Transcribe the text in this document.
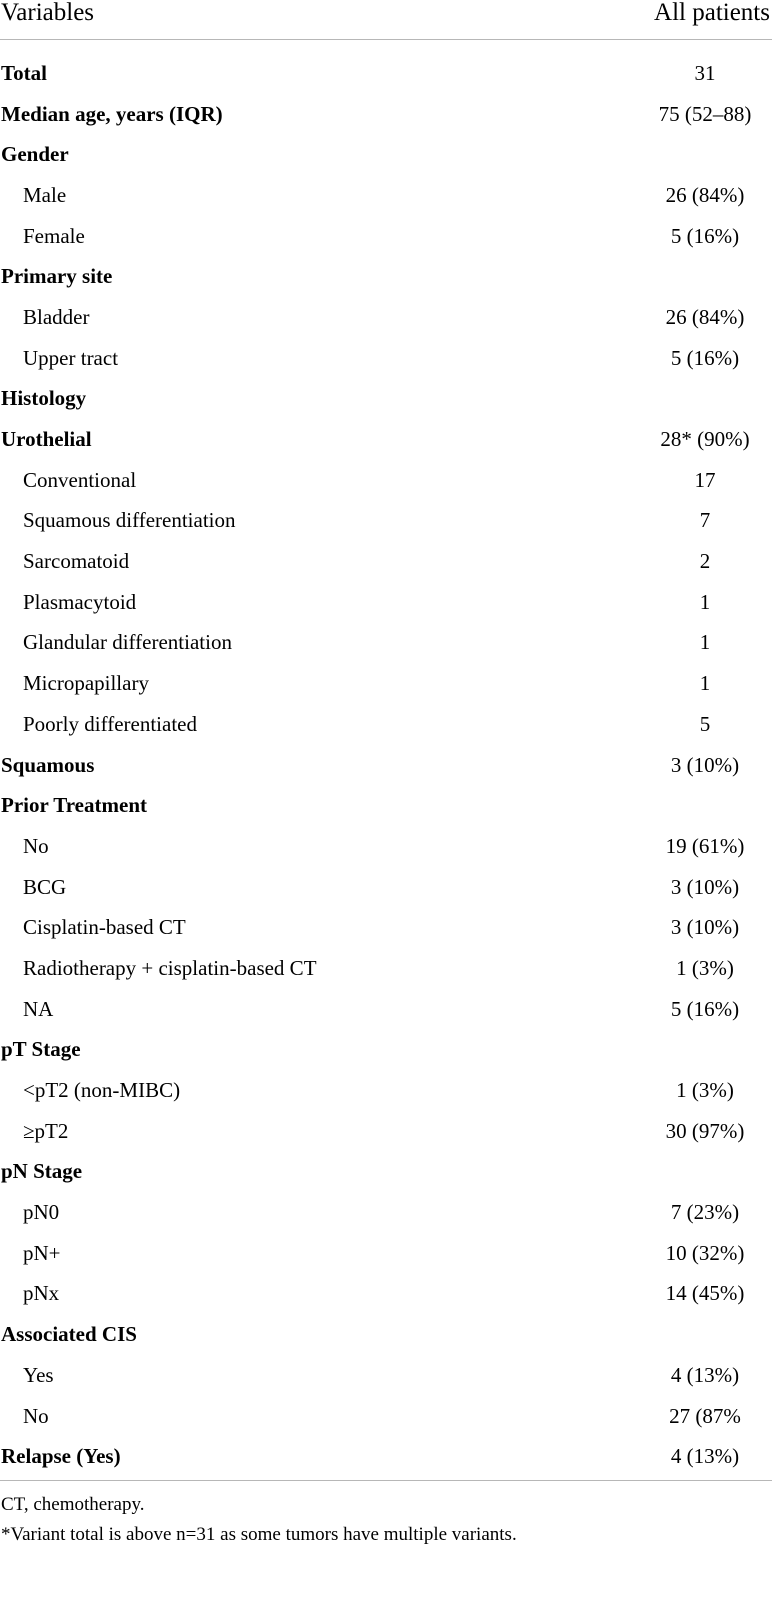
Variables	All patients
Total	31
Median age, years (IQR)	75 (52–88)
Gender
Male	26 (84%)
Female	5 (16%)
Primary site
Bladder	26 (84%)
Upper tract	5 (16%)
Histology
Urothelial	28* (90%)
Conventional	17
Squamous differentiation	7
Sarcomatoid	2
Plasmacytoid	1
Glandular differentiation	1
Micropapillary	1
Poorly differentiated	5
Squamous	3 (10%)
Prior Treatment
No	19 (61%)
BCG	3 (10%)
Cisplatin-based CT	3 (10%)
Radiotherapy + cisplatin-based CT	1 (3%)
NA	5 (16%)
pT Stage
<pT2 (non-MIBC)	1 (3%)
≥pT2	30 (97%)
pN Stage
pN0	7 (23%)
pN+	10 (32%)
pNx	14 (45%)
Associated CIS
Yes	4 (13%)
No	27 (87%
Relapse (Yes)	4 (13%)
CT, chemotherapy.
*Variant total is above n=31 as some tumors have multiple variants.
